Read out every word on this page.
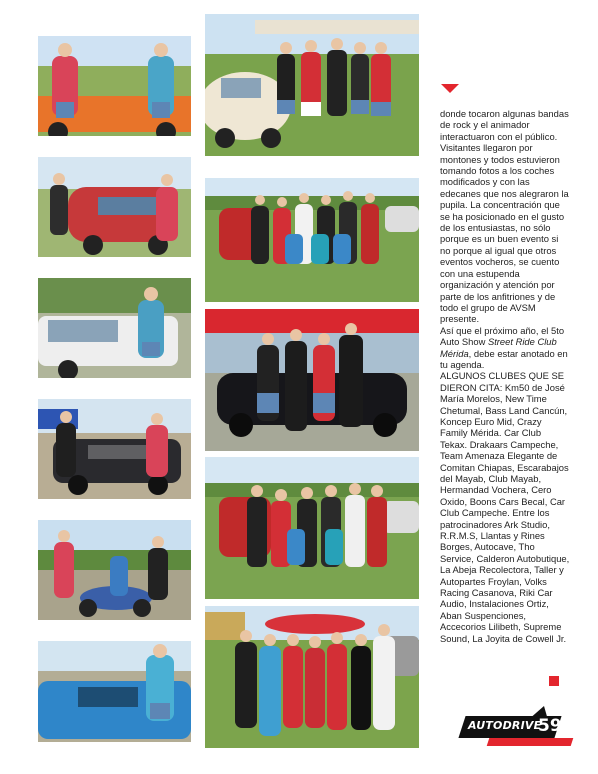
donde tocaron algunas bandas de rock y el animador interactuaron con el público. Visitantes llegaron por montones y todos estuvieron tomando fotos a los coches modificados y con las edecanes que nos alegraron la pupila. La concentración que se ha posicionado en el gusto de los entusiastas, no sólo porque es un buen evento si no porque al igual que otros eventos vocheros, se cuento con una estupenda organización y atención por parte de los anfitriones y de todo el grupo de AVSM presente.

Así que el próximo año, el 5to Auto Show Street Ride Club Mérida, debe estar anotado en tu agenda.

ALGUNOS CLUBES QUE SE DIERON CITA: Km50 de José María Morelos, New Time Chetumal, Bass Land Cancún, Koncep Euro Mid, Crazy Family Mérida. Car Club Tekax. Drakaars Campeche, Team Amenaza Elegante de Comitan Chiapas, Escarabajos del Mayab, Club Mayab, Hermandad Vochera, Cero Oxido, Boons Cars Becal, Car Club Campeche. Entre los patrocinadores Ark Studio, R.R.M.S, Llantas y Rines Borges, Autocave, Tho Service, Calderon Autobutique, La Abeja Recolectora, Taller y Autopartes Froylan, Volks Racing Casanova, Riki Car Audio, Instalaciones Ortiz, Aban Suspenciones, Accecorios Lilibeth, Supreme Sound, La Joyita de Cowell Jr.

AUTODRIVE
59
